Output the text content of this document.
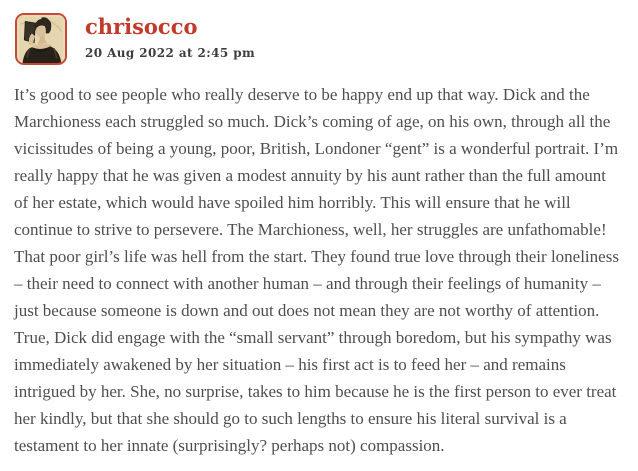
chrisocco
20 Aug 2022 at 2:45 pm

It’s good to see people who really deserve to be happy end up that way. Dick and the Marchioness each struggled so much. Dick’s coming of age, on his own, through all the vicissitudes of being a young, poor, British, Londoner “gent” is a wonderful portrait. I’m really happy that he was given a modest annuity by his aunt rather than the full amount of her estate, which would have spoiled him horribly. This will ensure that he will continue to strive to persevere. The Marchioness, well, her struggles are unfathomable! That poor girl’s life was hell from the start. They found true love through their loneliness – their need to connect with another human – and through their feelings of humanity – just because someone is down and out does not mean they are not worthy of attention. True, Dick did engage with the “small servant” through boredom, but his sympathy was immediately awakened by her situation – his first act is to feed her – and remains intrigued by her. She, no surprise, takes to him because he is the first person to ever treat her kindly, but that she should go to such lengths to ensure his literal survival is a testament to her innate (surprisingly? perhaps not) compassion.
